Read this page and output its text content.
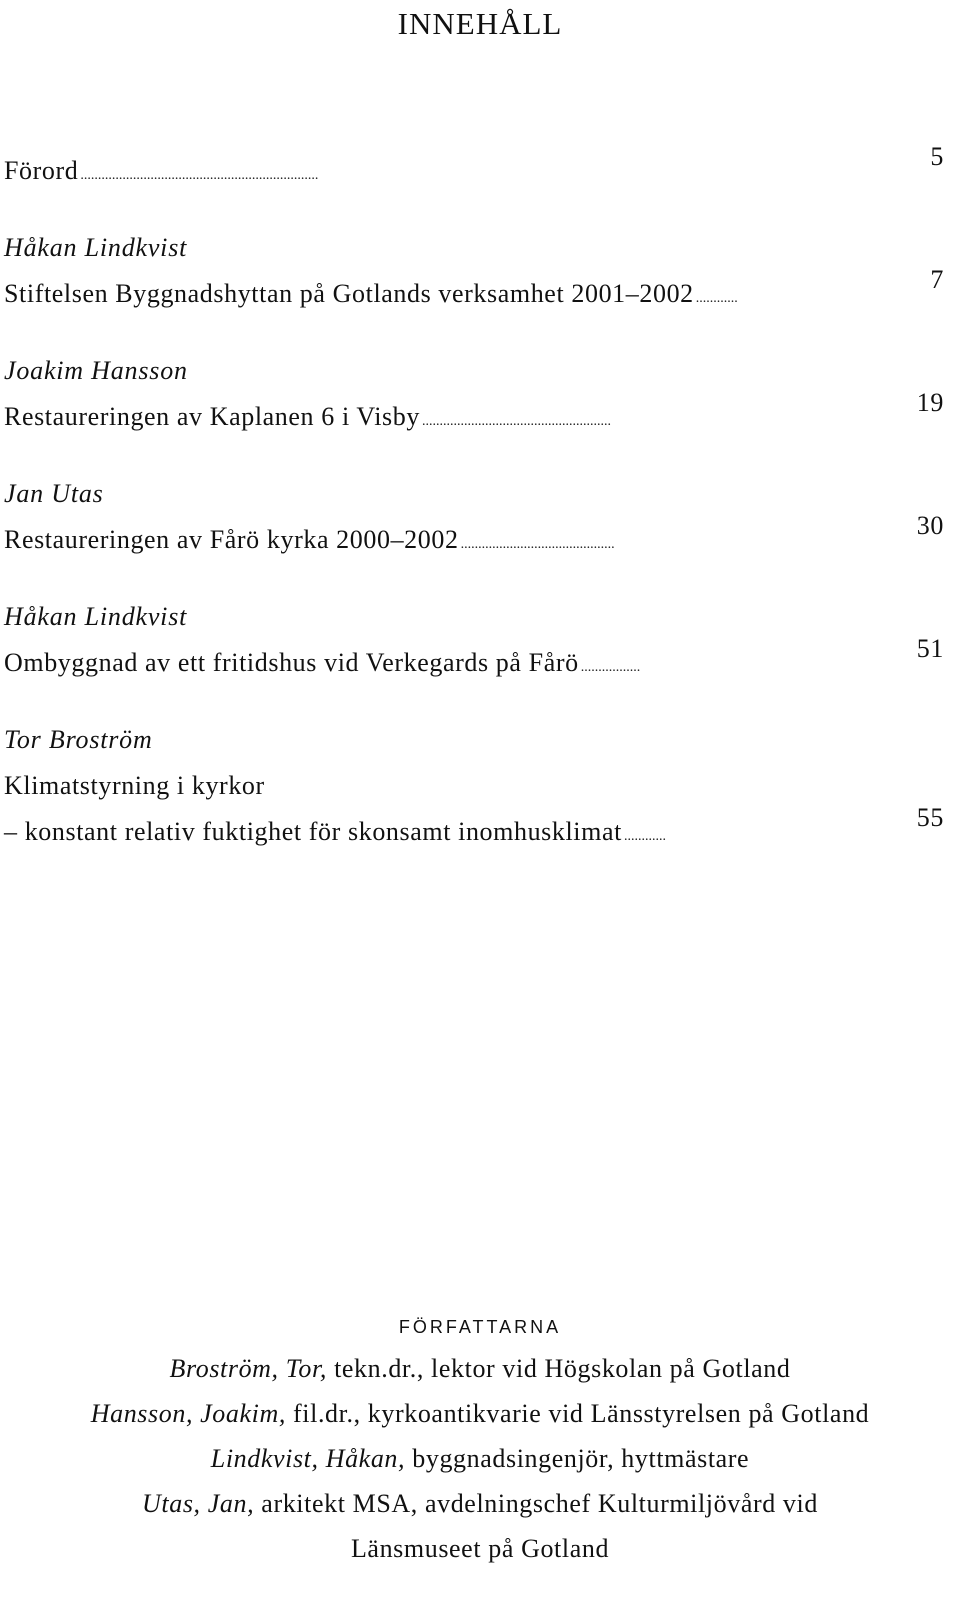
INNEHÅLL
Förord ....................................................................
5
Håkan Lindkvist
Stiftelsen Byggnadshyttan på Gotlands verksamhet 2001–2002 ............
7
Joakim Hansson
Restaureringen av Kaplanen 6 i Visby ......................................................
19
Jan Utas
Restaureringen av Fårö kyrka 2000–2002 ............................................
30
Håkan Lindkvist
Ombyggnad av ett fritidshus vid Verkegards på Fårö .................
51
Tor Broström
Klimatstyrning i kyrkor
– konstant relativ fuktighet för skonsamt inomhusklimat ............
55
FÖRFATTARNA
Broström, Tor, tekn.dr., lektor vid Högskolan på Gotland
Hansson, Joakim, fil.dr., kyrkoantikvarie vid Länsstyrelsen på Gotland
Lindkvist, Håkan, byggnadsingenjör, hyttmästare
Utas, Jan, arkitekt MSA, avdelningschef Kulturmiljövård vid
Länsmuseet på Gotland
